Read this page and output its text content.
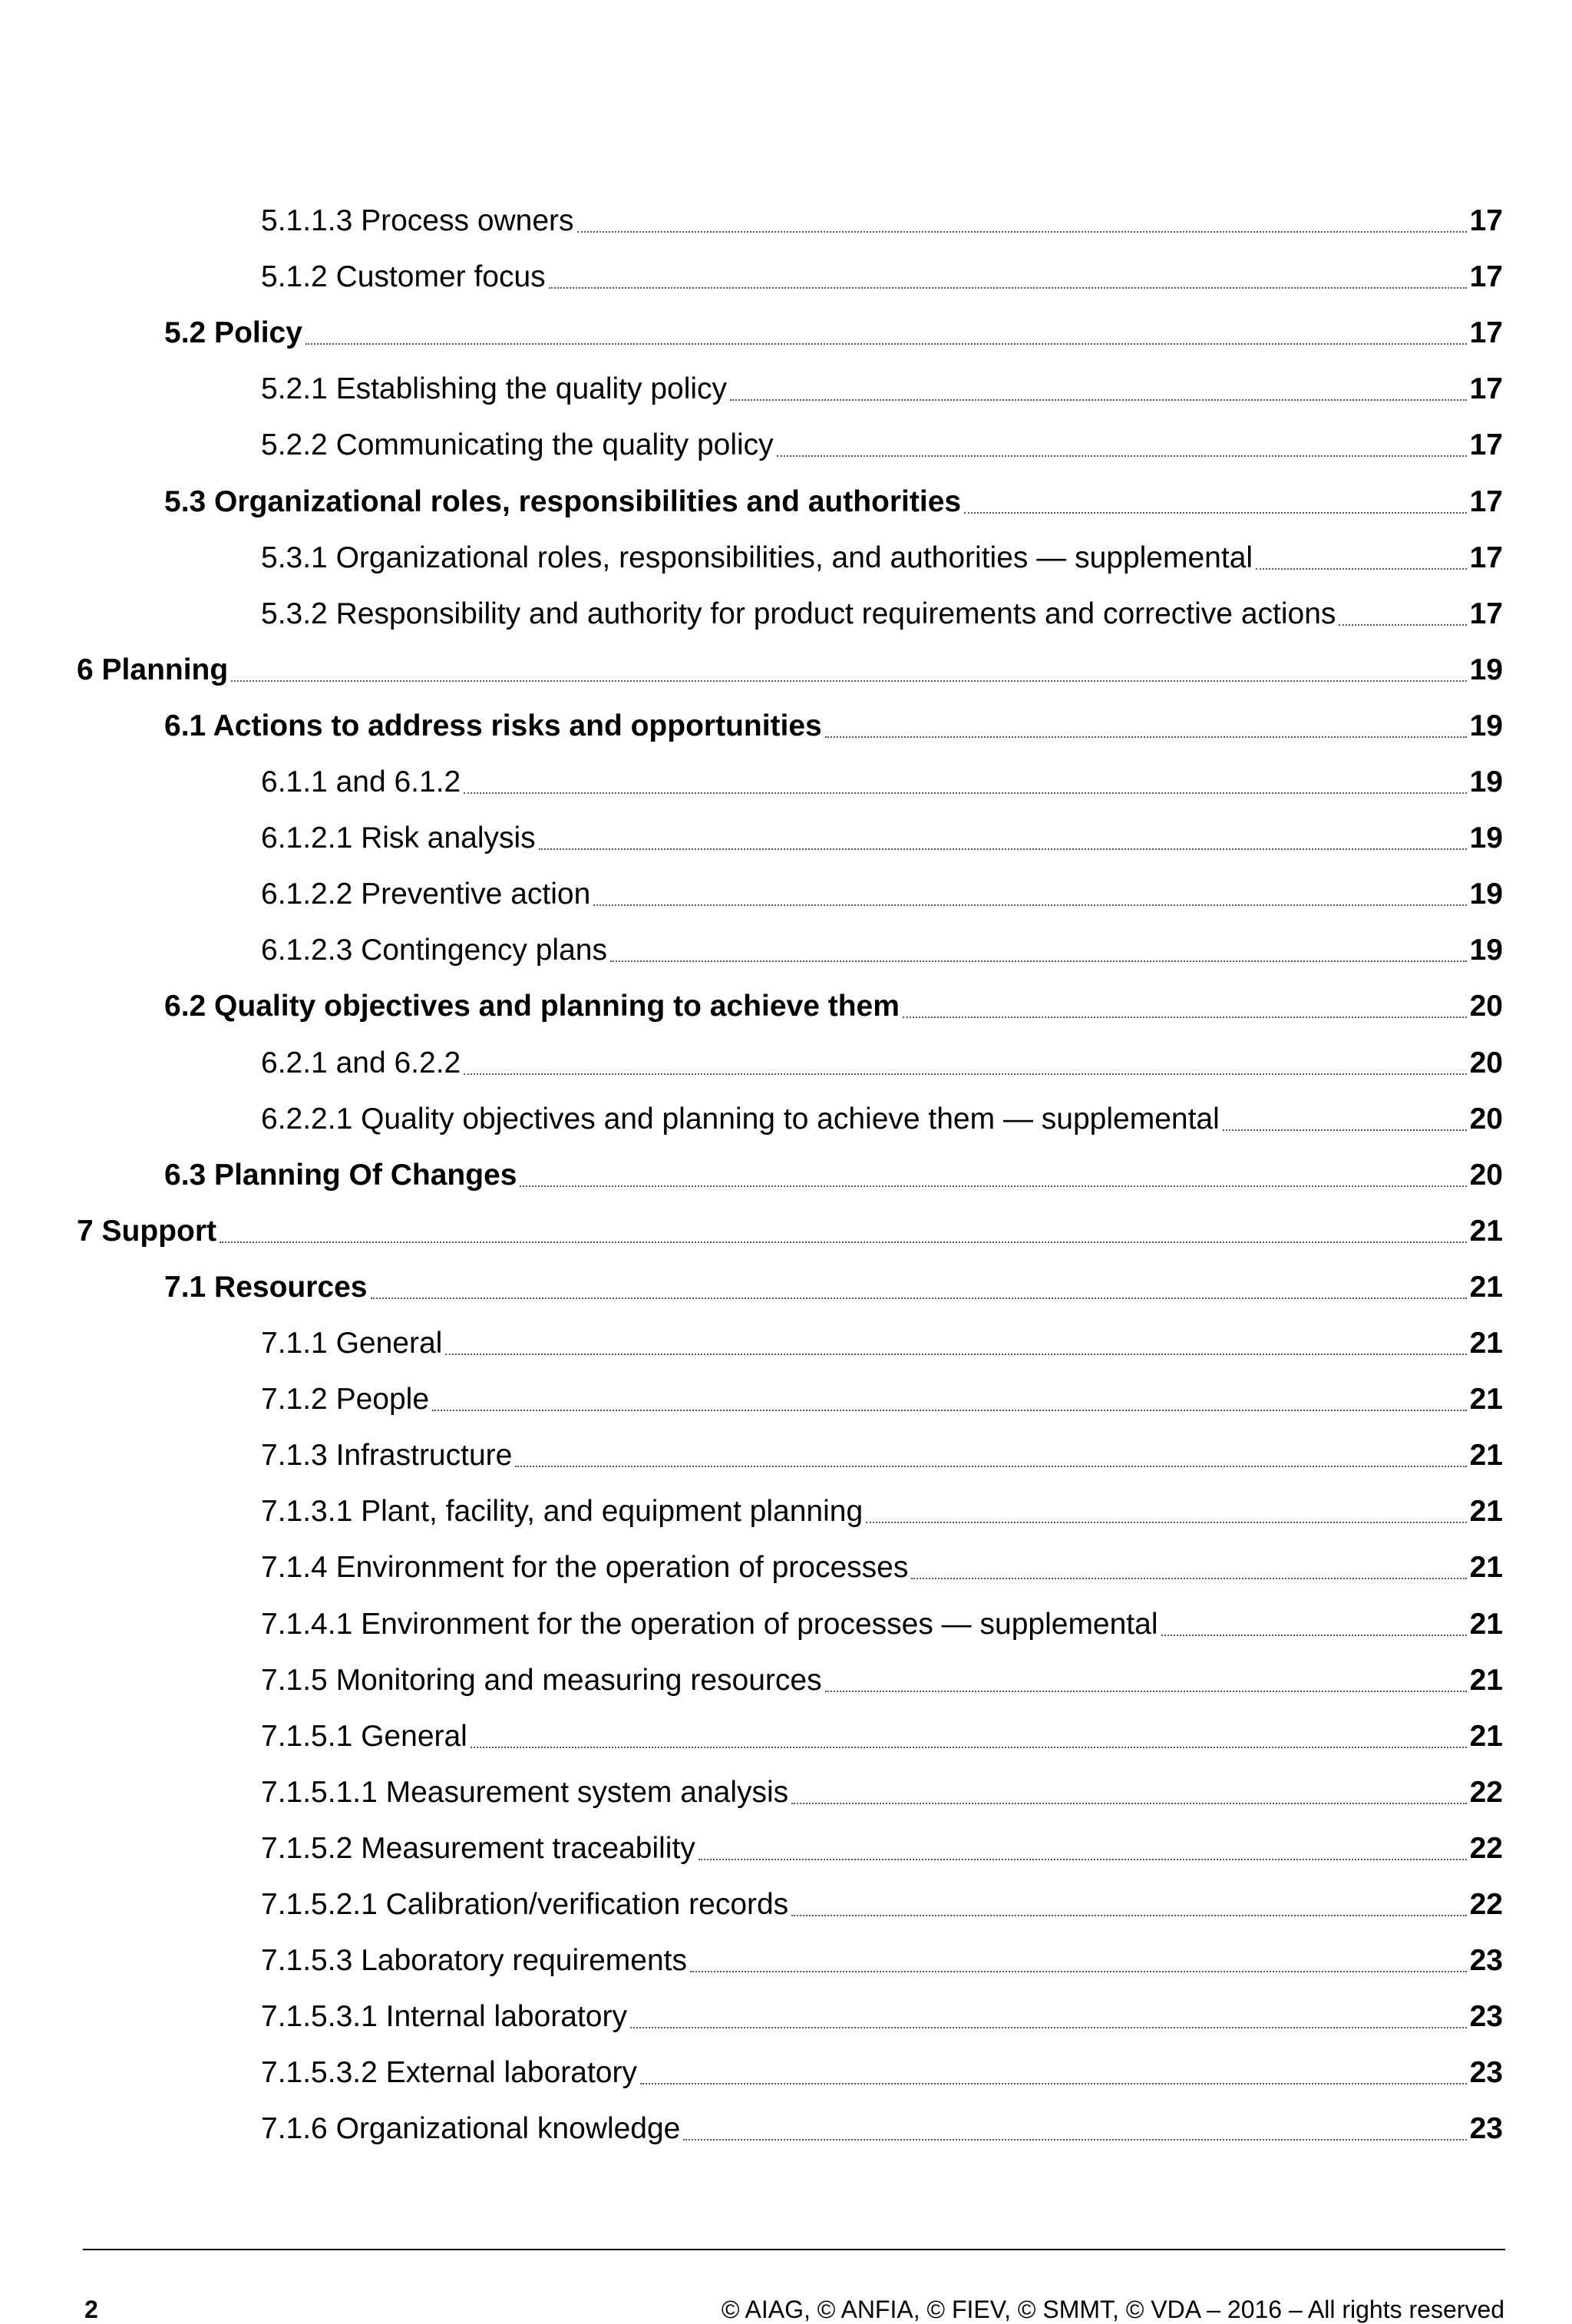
5.1.1.3 Process owners	17
5.1.2 Customer focus	17
5.2 Policy	17
5.2.1 Establishing the quality policy	17
5.2.2 Communicating the quality policy	17
5.3 Organizational roles, responsibilities and authorities	17
5.3.1 Organizational roles, responsibilities, and authorities — supplemental	17
5.3.2 Responsibility and authority for product requirements and corrective actions	17
6 Planning	19
6.1 Actions to address risks and opportunities	19
6.1.1 and 6.1.2	19
6.1.2.1 Risk analysis	19
6.1.2.2 Preventive action	19
6.1.2.3 Contingency plans	19
6.2 Quality objectives and planning to achieve them	20
6.2.1 and 6.2.2	20
6.2.2.1 Quality objectives and planning to achieve them — supplemental	20
6.3 Planning Of Changes	20
7 Support	21
7.1 Resources	21
7.1.1 General	21
7.1.2 People	21
7.1.3 Infrastructure	21
7.1.3.1 Plant, facility, and equipment planning	21
7.1.4 Environment for the operation of processes	21
7.1.4.1 Environment for the operation of processes — supplemental	21
7.1.5 Monitoring and measuring resources	21
7.1.5.1 General	21
7.1.5.1.1 Measurement system analysis	22
7.1.5.2 Measurement traceability	22
7.1.5.2.1 Calibration/verification records	22
7.1.5.3 Laboratory requirements	23
7.1.5.3.1 Internal laboratory	23
7.1.5.3.2 External laboratory	23
7.1.6 Organizational knowledge	23
2	© AIAG, © ANFIA, © FIEV, © SMMT, © VDA – 2016 – All rights reserved
